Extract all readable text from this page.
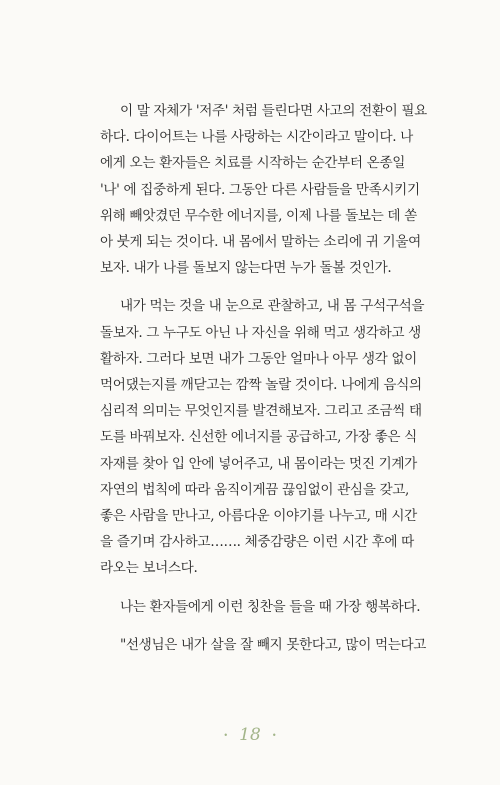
이 말 자체가 '저주' 처럼 들린다면 사고의 전환이 필요
하다. 다이어트는 나를 사랑하는 시간이라고 말이다. 나
에게 오는 환자들은 치료를 시작하는 순간부터 온종일
'나' 에 집중하게 된다. 그동안 다른 사람들을 만족시키기
위해 빼앗겼던 무수한 에너지를, 이제 나를 돌보는 데 쏟
아 붓게 되는 것이다. 내 몸에서 말하는 소리에 귀 기울여
보자. 내가 나를 돌보지 않는다면 누가 돌볼 것인가.

내가 먹는 것을 내 눈으로 관찰하고, 내 몸 구석구석을
돌보자. 그 누구도 아닌 나 자신을 위해 먹고 생각하고 생
활하자. 그러다 보면 내가 그동안 얼마나 아무 생각 없이
먹어댔는지를 깨닫고는 깜짝 놀랄 것이다. 나에게 음식의
심리적 의미는 무엇인지를 발견해보자. 그리고 조금씩 태
도를 바꿔보자. 신선한 에너지를 공급하고, 가장 좋은 식
자재를 찾아 입 안에 넣어주고, 내 몸이라는 멋진 기계가
자연의 법칙에 따라 움직이게끔 끊임없이 관심을 갖고,
좋은 사람을 만나고, 아름다운 이야기를 나누고, 매 시간
을 즐기며 감사하고……. 체중감량은 이런 시간 후에 따
라오는 보너스다.

나는 환자들에게 이런 칭찬을 들을 때 가장 행복하다.

"선생님은 내가 살을 잘 빼지 못한다고, 많이 먹는다고

• 18 •
